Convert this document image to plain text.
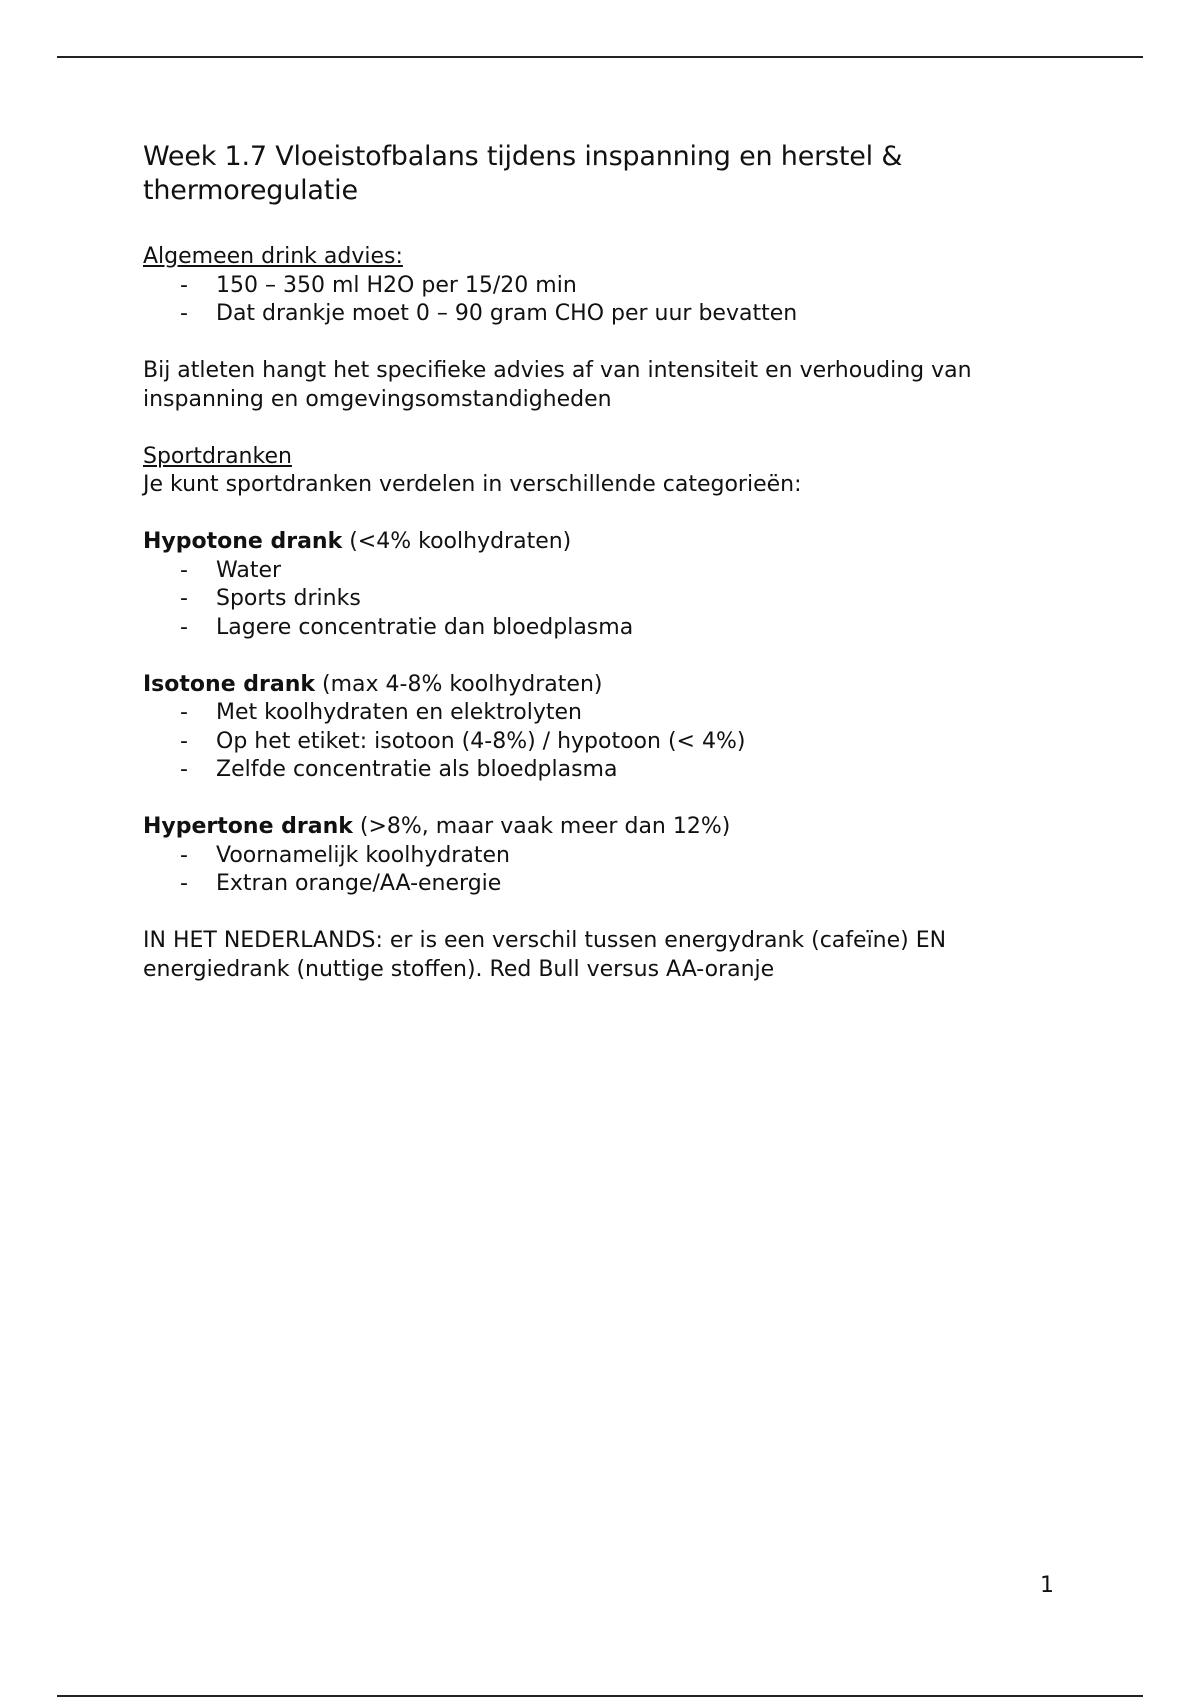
Week 1.7 Vloeistofbalans tijdens inspanning en herstel & thermoregulatie

Algemeen drink advies:

- 150 – 350 ml H2O per 15/20 min
- Dat drankje moet 0 – 90 gram CHO per uur bevatten

Bij atleten hangt het specifieke advies af van intensiteit en verhouding van inspanning en omgevingsomstandigheden

Sportdranken

Je kunt sportdranken verdelen in verschillende categorieën:

Hypotone drank (<4% koolhydraten)

- Water
- Sports drinks
- Lagere concentratie dan bloedplasma

Isotone drank (max 4-8% koolhydraten)

- Met koolhydraten en elektrolyten
- Op het etiket: isotoon (4-8%) / hypotoon (< 4%)
- Zelfde concentratie als bloedplasma

Hypertone drank (>8%, maar vaak meer dan 12%)

- Voornamelijk koolhydraten
- Extran orange/AA-energie

IN HET NEDERLANDS: er is een verschil tussen energydrank (cafeïne) EN energiedrank (nuttige stoffen). Red Bull versus AA-oranje

1
